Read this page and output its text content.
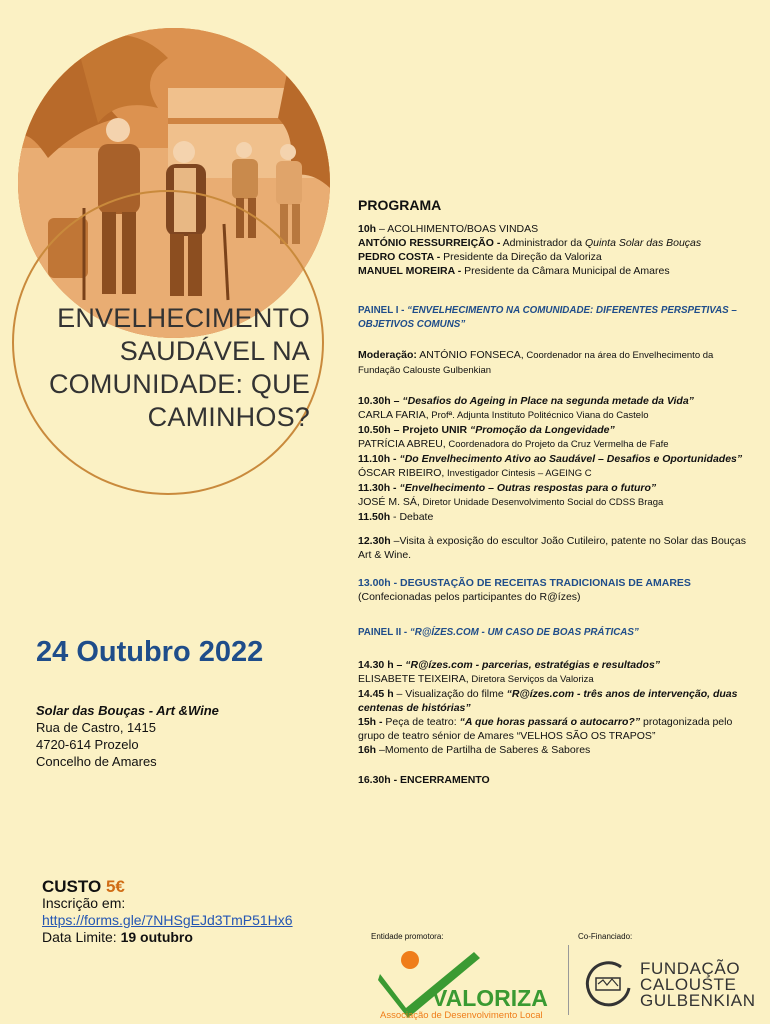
ENVELHECIMENTO
SAUDÁVEL NA
COMUNIDADE: QUE
CAMINHOS?
24 Outubro 2022
Solar das Bouças - Art &Wine
Rua de Castro, 1415
4720-614 Prozelo
Concelho de Amares
CUSTO 5€
Inscrição em:
https://forms.gle/7NHSgEJd3TmP51Hx6
Data Limite: 19 outubro
PROGRAMA

10h – ACOLHIMENTO/BOAS VINDAS

ANTÓNIO RESSURREIÇÃO - Administrador da Quinta Solar das Bouças

PEDRO COSTA - Presidente da Direção da Valoriza

MANUEL MOREIRA - Presidente da Câmara Municipal de Amares

PAINEL I - “ENVELHECIMENTO NA COMUNIDADE: DIFERENTES PERSPETIVAS – OBJETIVOS COMUNS”

Moderação: ANTÓNIO FONSECA, Coordenador na área do Envelhecimento da Fundação Calouste Gulbenkian

10.30h – “Desafios do Ageing in Place na segunda metade da Vida”

CARLA FARIA, Profª. Adjunta Instituto Politécnico Viana do Castelo

10.50h – Projeto UNIR “Promoção da Longevidade”

PATRÍCIA ABREU, Coordenadora do Projeto da Cruz Vermelha de Fafe

11.10h - “Do Envelhecimento Ativo ao Saudável – Desafios e Oportunidades”

ÓSCAR RIBEIRO, Investigador Cintesis – AGEING C

11.30h - “Envelhecimento – Outras respostas para o futuro”

JOSÉ M. SÁ, Diretor Unidade Desenvolvimento Social do CDSS Braga

11.50h - Debate

12.30h –Visita à exposição do escultor João Cutileiro, patente no Solar das Bouças Art & Wine.

13.00h - DEGUSTAÇÃO DE RECEITAS TRADICIONAIS DE AMARES

(Confecionadas pelos participantes do R@ízes)

PAINEL II - “R@ÍZES.COM - UM CASO DE BOAS PRÁTICAS”

14.30 h – “R@ízes.com - parcerias, estratégias e resultados”

ELISABETE TEIXEIRA, Diretora Serviços da Valoriza

14.45 h – Visualização do filme “R@ízes.com - três anos de intervenção, duas centenas de histórias”

15h - Peça de teatro: “A que horas passará o autocarro?” protagonizada pelo grupo de teatro sénior de Amares “VELHOS SÃO OS TRAPOS”

16h –Momento de Partilha de Saberes & Sabores

16.30h - ENCERRAMENTO

Entidade promotora:	Co-Financiado:
VALORIZA
Associação de Desenvolvimento Local
FUNDAÇÃO
CALOUSTE
GULBENKIAN
